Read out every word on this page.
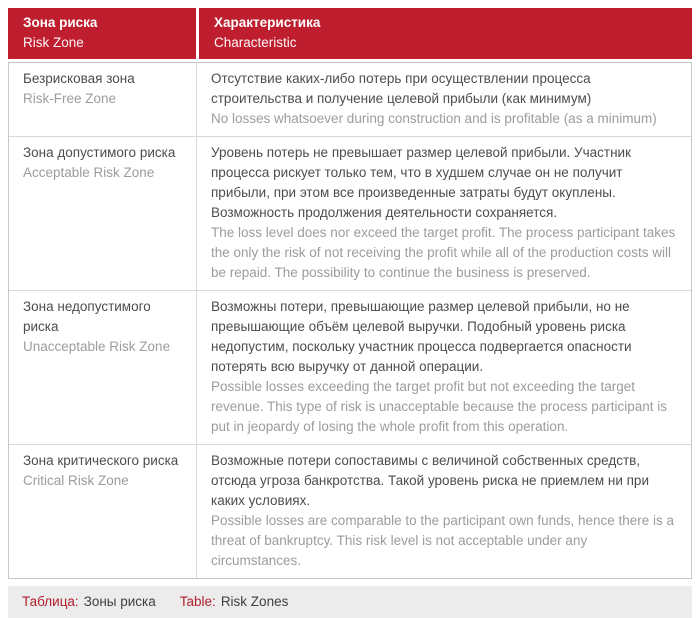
Зона риска
Risk Zone
Характеристика
Characteristic
Безрисковая зона
Risk-Free Zone
Отсутствие каких-либо потерь при осуществлении процесса строительства и получение целевой прибыли (как минимум)
No losses whatsoever during construction and is profitable (as a minimum)
Зона допустимого риска
Acceptable Risk Zone
Уровень потерь не превышает размер целевой прибыли. Участник процесса рискует только тем, что в худшем случае он не получит прибыли, при этом все произведенные затраты будут окуплены. Возможность продолжения деятельности сохраняется.
The loss level does nor exceed the target profit. The process participant takes the only the risk of not receiving the profit while all of the production costs will be repaid. The possibility to continue the business is preserved.
Зона недопустимого риска
Unacceptable Risk Zone
Возможны потери, превышающие размер целевой прибыли, но не превышающие объём целевой выручки. Подобный уровень риска недопустим, поскольку участник процесса подвергается опасности потерять всю выручку от данной операции.
Possible losses exceeding the target profit but not exceeding the target revenue. This type of risk is unacceptable because the process participant is put in jeopardy of losing the whole profit from this operation.
Зона критического риска
Critical Risk Zone
Возможные потери сопоставимы с величиной собственных средств, отсюда угроза банкротства. Такой уровень риска не приемлем ни при каких условиях.
Possible losses are comparable to the participant own funds, hence there is a threat of bankruptcy. This risk level is not acceptable under any circumstances.
Таблица: Зоны риска Table: Risk Zones
